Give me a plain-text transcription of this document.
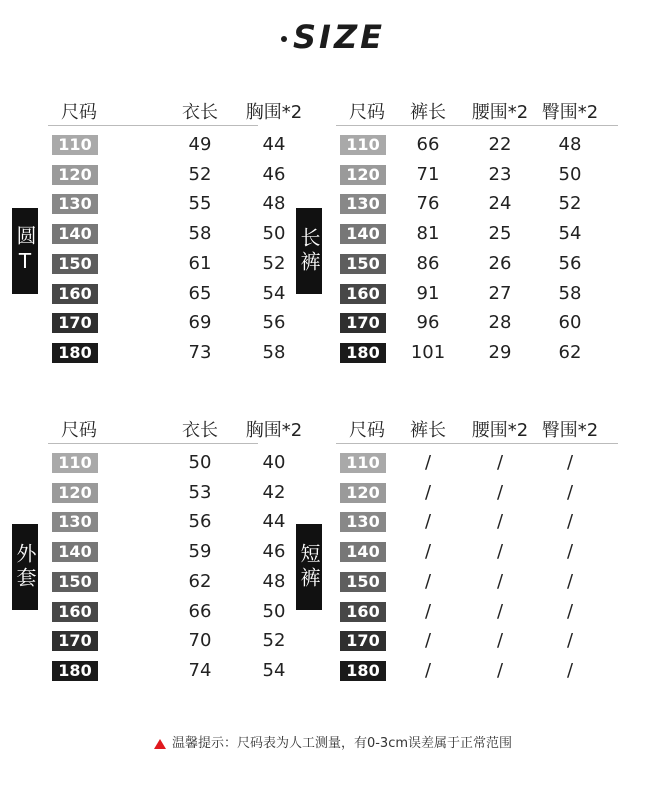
SIZE
尺码	衣长 胸围*2
110	49	44
120	52	46
130	55	48
140	58	50
150	61	52
160	65	54
170	69	56
180	73	58
圆T
尺码 裤长 腰围*2 臀围*2
110	66	22	48
120	71	23	50
130	76	24	52
140	81	25	54
150	86	26	56
160	91	27	58
170	96	28	60
180	101 29	62
长裤
尺码	衣长 胸围*2
110	50	40
120	53	42
130	56	44
140	59	46
150	62	48
160	66	50
170	70	52
180	74	54
外套
尺码 裤长 腰围*2 臀围*2
110	/	/	/
120	/	/	/
130	/	/	/
140	/	/	/
150	/	/	/
160	/	/	/
170	/	/	/
180	/	/	/
短裤
温馨提示：尺码表为人工测量，有0-3cm误差属于正常范围
